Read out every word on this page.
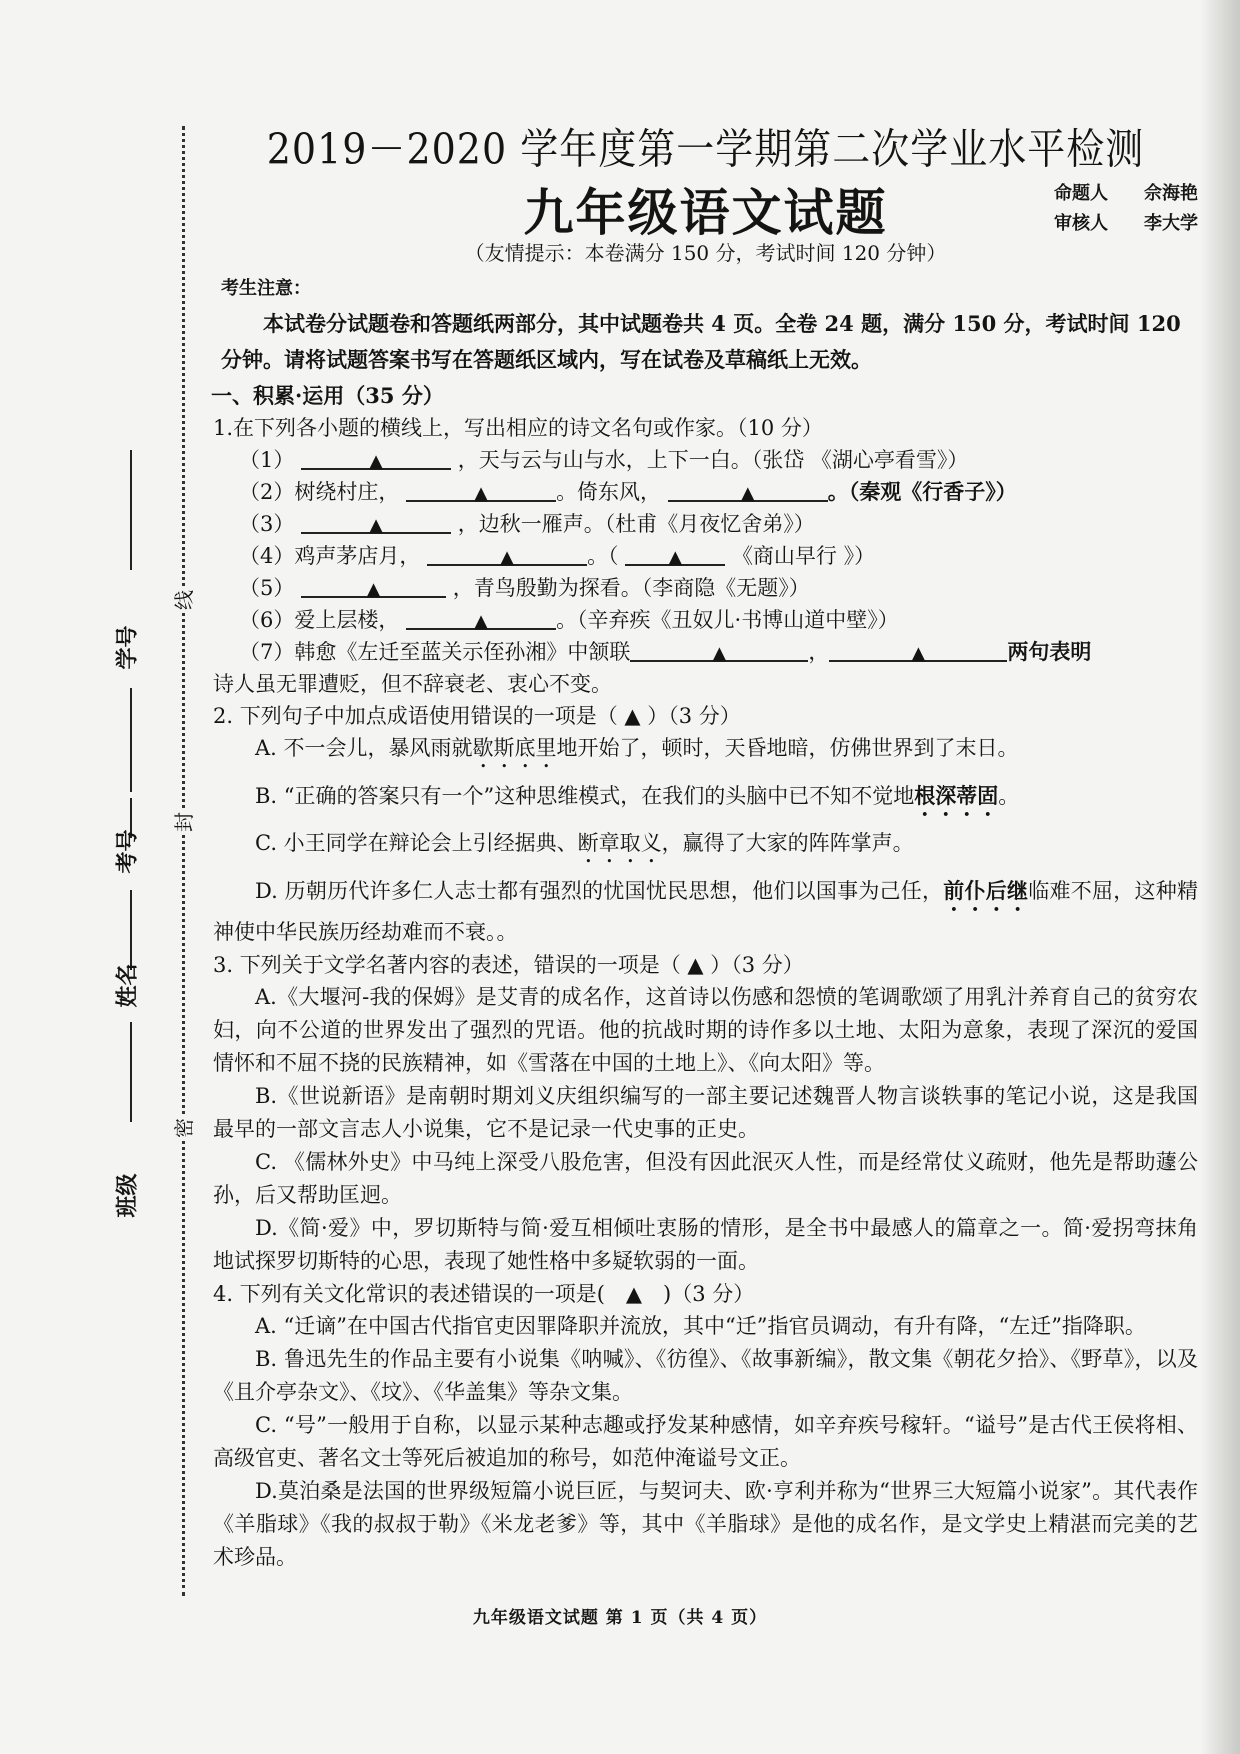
线
封
密
学号
考号
姓名
班级
2019－2020 学年度第一学期第二次学业水平检测
九年级语文试题	命题人 佘海艳
审核人 李大学
（友情提示：本卷满分 150 分，考试时间 120 分钟）
考生注意：

本试卷分试题卷和答题纸两部分，其中试题卷共 4 页。全卷 24 题，满分 150 分，考试时间 120 分钟。请将试题答案书写在答题纸区域内，写在试卷及草稿纸上无效。

一、积累·运用（35 分）

1.在下列各小题的横线上，写出相应的诗文名句或作家。（10 分）

（1）	▲	，天与云与山与水，上下一白。（张岱 《湖心亭看雪》）
（2）树绕村庄，	▲	。倚东风，	▲	。（秦观《行香子》）
（3）	▲	，边秋一雁声。（杜甫《月夜忆舍弟》）
（4）鸡声茅店月，	▲	。（	▲ 《商山早行 》）
（5）	▲	，青鸟殷勤为探看。（李商隐《无题》）
（6）爱上层楼，	▲	。（辛弃疾《丑奴儿·书博山道中壁》）
（7）韩愈《左迁至蓝关示侄孙湘》中颔联	▲	，	▲	两句表明

诗人虽无罪遭贬，但不辞衰老、衷心不变。

2. 下列句子中加点成语使用错误的一项是（ ▲ ）（3 分）

A. 不一会儿，暴风雨就歇斯底里地开始了，顿时，天昏地暗，仿佛世界到了末日。

B. “正确的答案只有一个”这种思维模式，在我们的头脑中已不知不觉地根深蒂固。

C. 小王同学在辩论会上引经据典、断章取义，赢得了大家的阵阵掌声。

D. 历朝历代许多仁人志士都有强烈的忧国忧民思想，他们以国事为己任，前仆后继临难不屈，这种精神使中华民族历经劫难而不衰。。

3. 下列关于文学名著内容的表述，错误的一项是（ ▲ ）（3 分）

A.《大堰河-我的保姆》是艾青的成名作，这首诗以伤感和怨愤的笔调歌颂了用乳汁养育自己的贫穷农妇，向不公道的世界发出了强烈的咒语。他的抗战时期的诗作多以土地、太阳为意象，表现了深沉的爱国情怀和不屈不挠的民族精神，如《雪落在中国的土地上》、《向太阳》等。

B.《世说新语》是南朝时期刘义庆组织编写的一部主要记述魏晋人物言谈轶事的笔记小说，这是我国最早的一部文言志人小说集，它不是记录一代史事的正史。

C. 《儒林外史》中马纯上深受八股危害，但没有因此泯灭人性，而是经常仗义疏财，他先是帮助蘧公孙，后又帮助匡迥。

D.《简·爱》中，罗切斯特与简·爱互相倾吐衷肠的情形，是全书中最感人的篇章之一。简·爱拐弯抹角地试探罗切斯特的心思，表现了她性格中多疑软弱的一面。

4. 下列有关文化常识的表述错误的一项是(　▲　)（3 分）

A. “迁谪”在中国古代指官吏因罪降职并流放，其中“迁”指官员调动，有升有降，“左迁”指降职。

B. 鲁迅先生的作品主要有小说集《呐喊》、《彷徨》、《故事新编》，散文集《朝花夕拾》、《野草》，以及《且介亭杂文》、《坟》、《华盖集》等杂文集。

C. “号”一般用于自称，以显示某种志趣或抒发某种感情，如辛弃疾号稼轩。“谥号”是古代王侯将相、高级官吏、著名文士等死后被追加的称号，如范仲淹谥号文正。

D.莫泊桑是法国的世界级短篇小说巨匠，与契诃夫、欧·亨利并称为“世界三大短篇小说家”。其代表作《羊脂球》《我的叔叔于勒》《米龙老爹》等，其中《羊脂球》是他的成名作，是文学史上精湛而完美的艺术珍品。

九年级语文试题 第 1 页（共 4 页）
